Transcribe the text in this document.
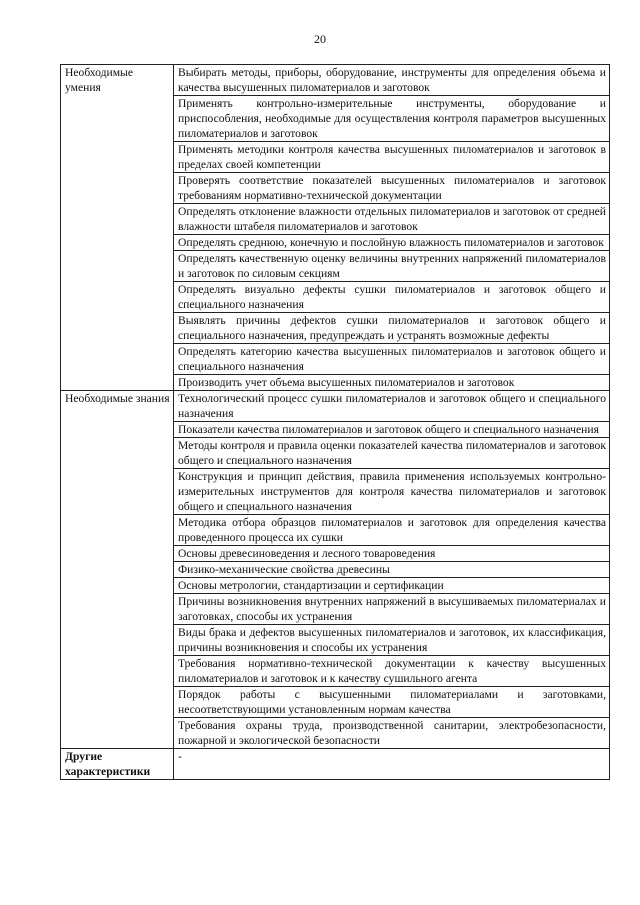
20
Необходимые умения	Выбирать методы, приборы, оборудование, инструменты для определения объема и качества высушенных пиломатериалов и заготовок
	Применять контрольно-измерительные инструменты, оборудование и приспособления, необходимые для осуществления контроля параметров высушенных пиломатериалов и заготовок
	Применять методики контроля качества высушенных пиломатериалов и заготовок в пределах своей компетенции
	Проверять соответствие показателей высушенных пиломатериалов и заготовок требованиям нормативно-технической документации
	Определять отклонение влажности отдельных пиломатериалов и заготовок от средней влажности штабеля пиломатериалов и заготовок
	Определять среднюю, конечную и послойную влажность пиломатериалов и заготовок
	Определять качественную оценку величины внутренних напряжений пиломатериалов и заготовок по силовым секциям
	Определять визуально дефекты сушки пиломатериалов и заготовок общего и специального назначения
	Выявлять причины дефектов сушки пиломатериалов и заготовок общего и специального назначения, предупреждать и устранять возможные дефекты
	Определять категорию качества высушенных пиломатериалов и заготовок общего и специального назначения
	Производить учет объема высушенных пиломатериалов и заготовок
Необходимые знания	Технологический процесс сушки пиломатериалов и заготовок общего и специального назначения
	Показатели качества пиломатериалов и заготовок общего и специального назначения
	Методы контроля и правила оценки показателей качества пиломатериалов и заготовок общего и специального назначения
	Конструкция и принцип действия, правила применения используемых контрольно-измерительных инструментов для контроля качества пиломатериалов и заготовок общего и специального назначения
	Методика отбора образцов пиломатериалов и заготовок для определения качества проведенного процесса их сушки
	Основы древесиноведения и лесного товароведения
	Физико-механические свойства древесины
	Основы метрологии, стандартизации и сертификации
	Причины возникновения внутренних напряжений в высушиваемых пиломатериалах и заготовках, способы их устранения
	Виды брака и дефектов высушенных пиломатериалов и заготовок, их классификация, причины возникновения и способы их устранения
	Требования нормативно-технической документации к качеству высушенных пиломатериалов и заготовок и к качеству сушильного агента
	Порядок работы с высушенными пиломатериалами и заготовками, несоответствующими установленным нормам качества
	Требования охраны труда, производственной санитарии, электробезопасности, пожарной и экологической безопасности
Другие характеристики	-
